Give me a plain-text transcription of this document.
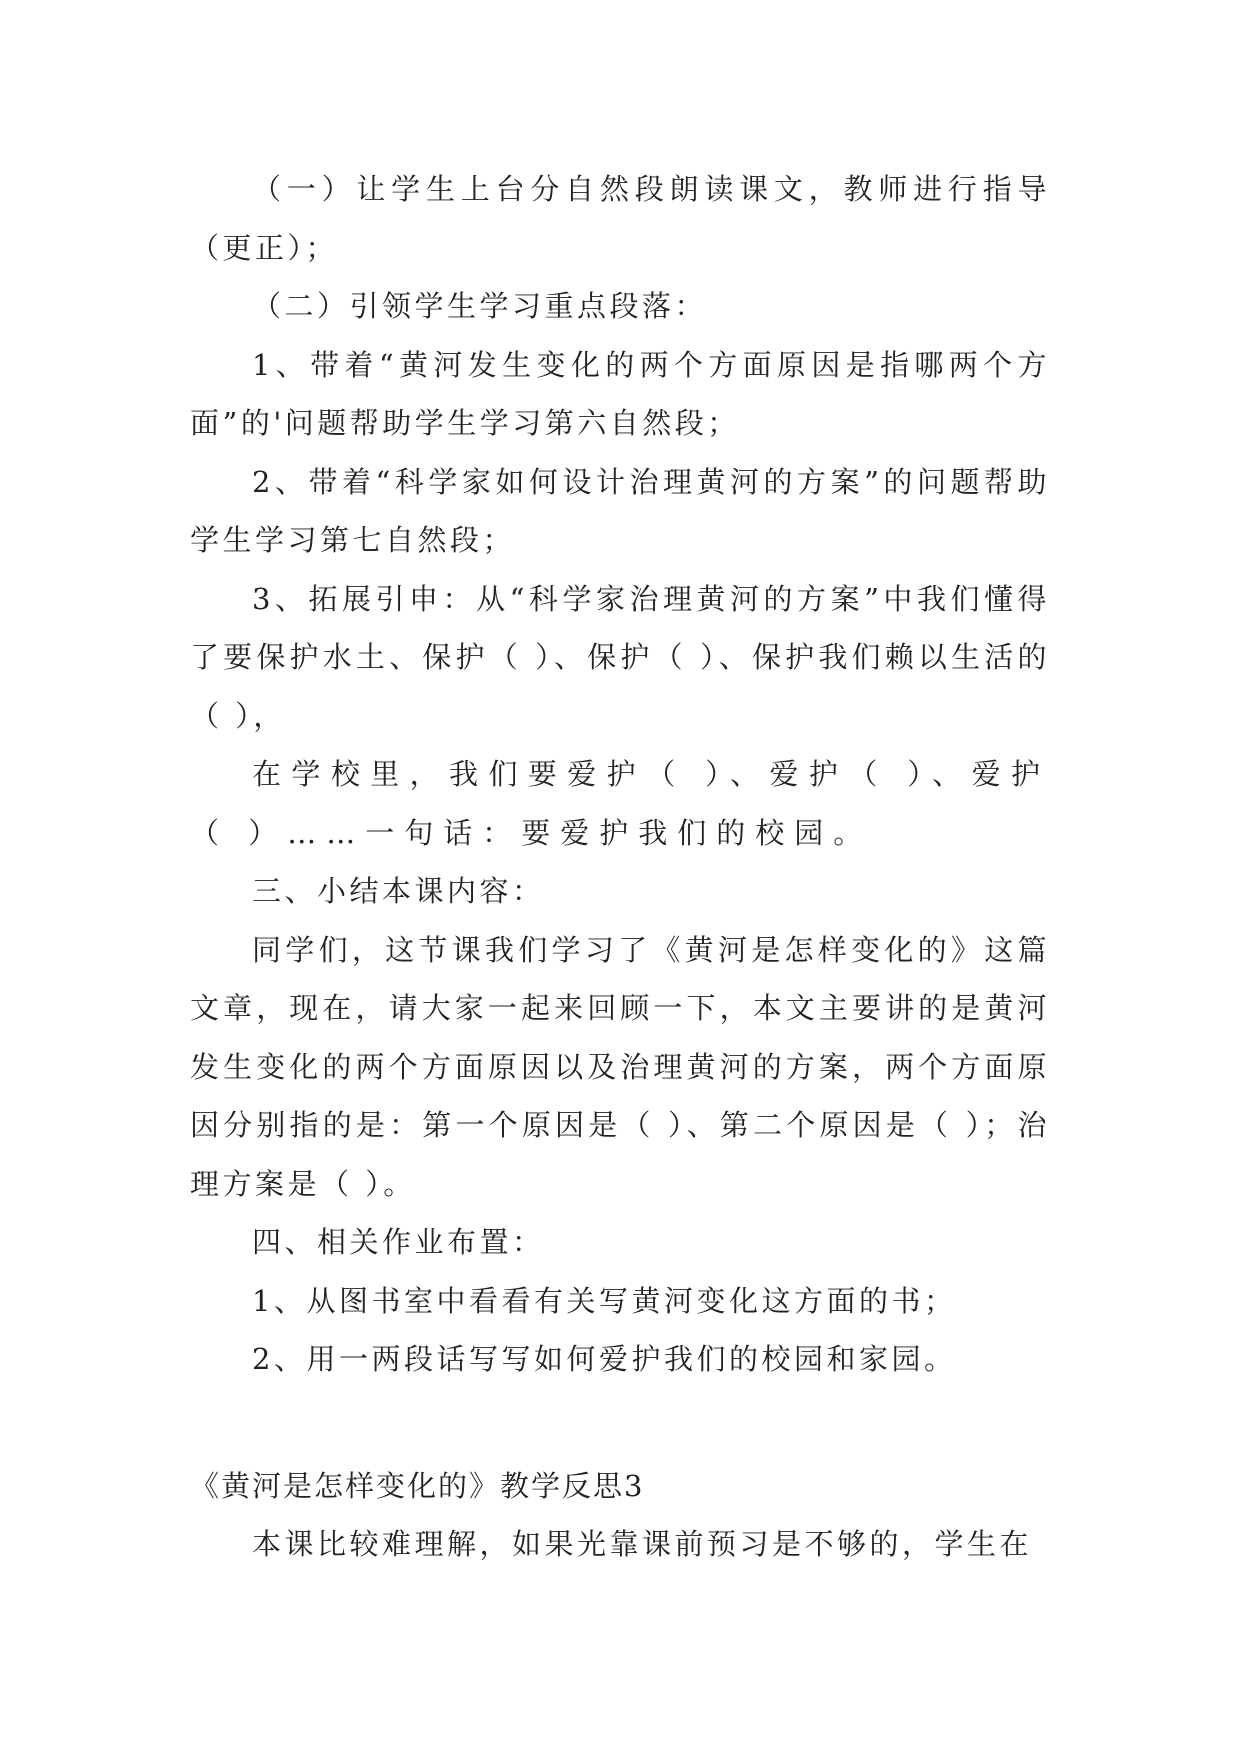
（一）让学生上台分自然段朗读课文，教师进行指导（更正）；

（二）引领学生学习重点段落：

1、带着“黄河发生变化的两个方面原因是指哪两个方面”的'问题帮助学生学习第六自然段；

2、带着“科学家如何设计治理黄河的方案”的问题帮助学生学习第七自然段；

3、拓展引申：从“科学家治理黄河的方案”中我们懂得了要保护水土、保护（ ）、保护（ ）、保护我们赖以生活的（ ），

在学校里，我们要爱护（ ）、爱护（ ）、爱护（ ）……一句话：要爱护我们的校园。

三、小结本课内容：

同学们，这节课我们学习了《黄河是怎样变化的》这篇文章，现在，请大家一起来回顾一下，本文主要讲的是黄河发生变化的两个方面原因以及治理黄河的方案，两个方面原因分别指的是：第一个原因是（ ）、第二个原因是（ ）；治理方案是（ ）。

四、相关作业布置：

1、从图书室中看看有关写黄河变化这方面的书；

2、用一两段话写写如何爱护我们的校园和家园。

《黄河是怎样变化的》教学反思3

本课比较难理解，如果光靠课前预习是不够的，学生在
